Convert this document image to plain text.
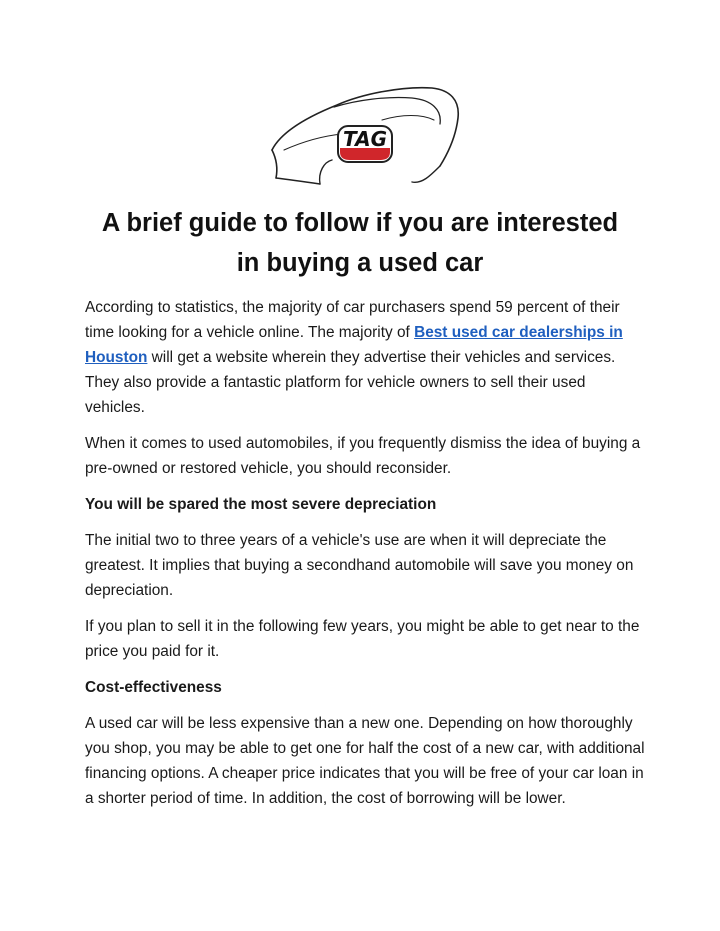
TAG
A brief guide to follow if you are interested
in buying a used car

According to statistics, the majority of car purchasers spend 59 percent of their time looking for a vehicle online. The majority of Best used car dealerships in Houston will get a website wherein they advertise their vehicles and services. They also provide a fantastic platform for vehicle owners to sell their used vehicles.

When it comes to used automobiles, if you frequently dismiss the idea of buying a pre-owned or restored vehicle, you should reconsider.

You will be spared the most severe depreciation

The initial two to three years of a vehicle's use are when it will depreciate the greatest. It implies that buying a secondhand automobile will save you money on depreciation.

If you plan to sell it in the following few years, you might be able to get near to the price you paid for it.

Cost-effectiveness

A used car will be less expensive than a new one. Depending on how thoroughly you shop, you may be able to get one for half the cost of a new car, with additional financing options. A cheaper price indicates that you will be free of your car loan in a shorter period of time. In addition, the cost of borrowing will be lower.
